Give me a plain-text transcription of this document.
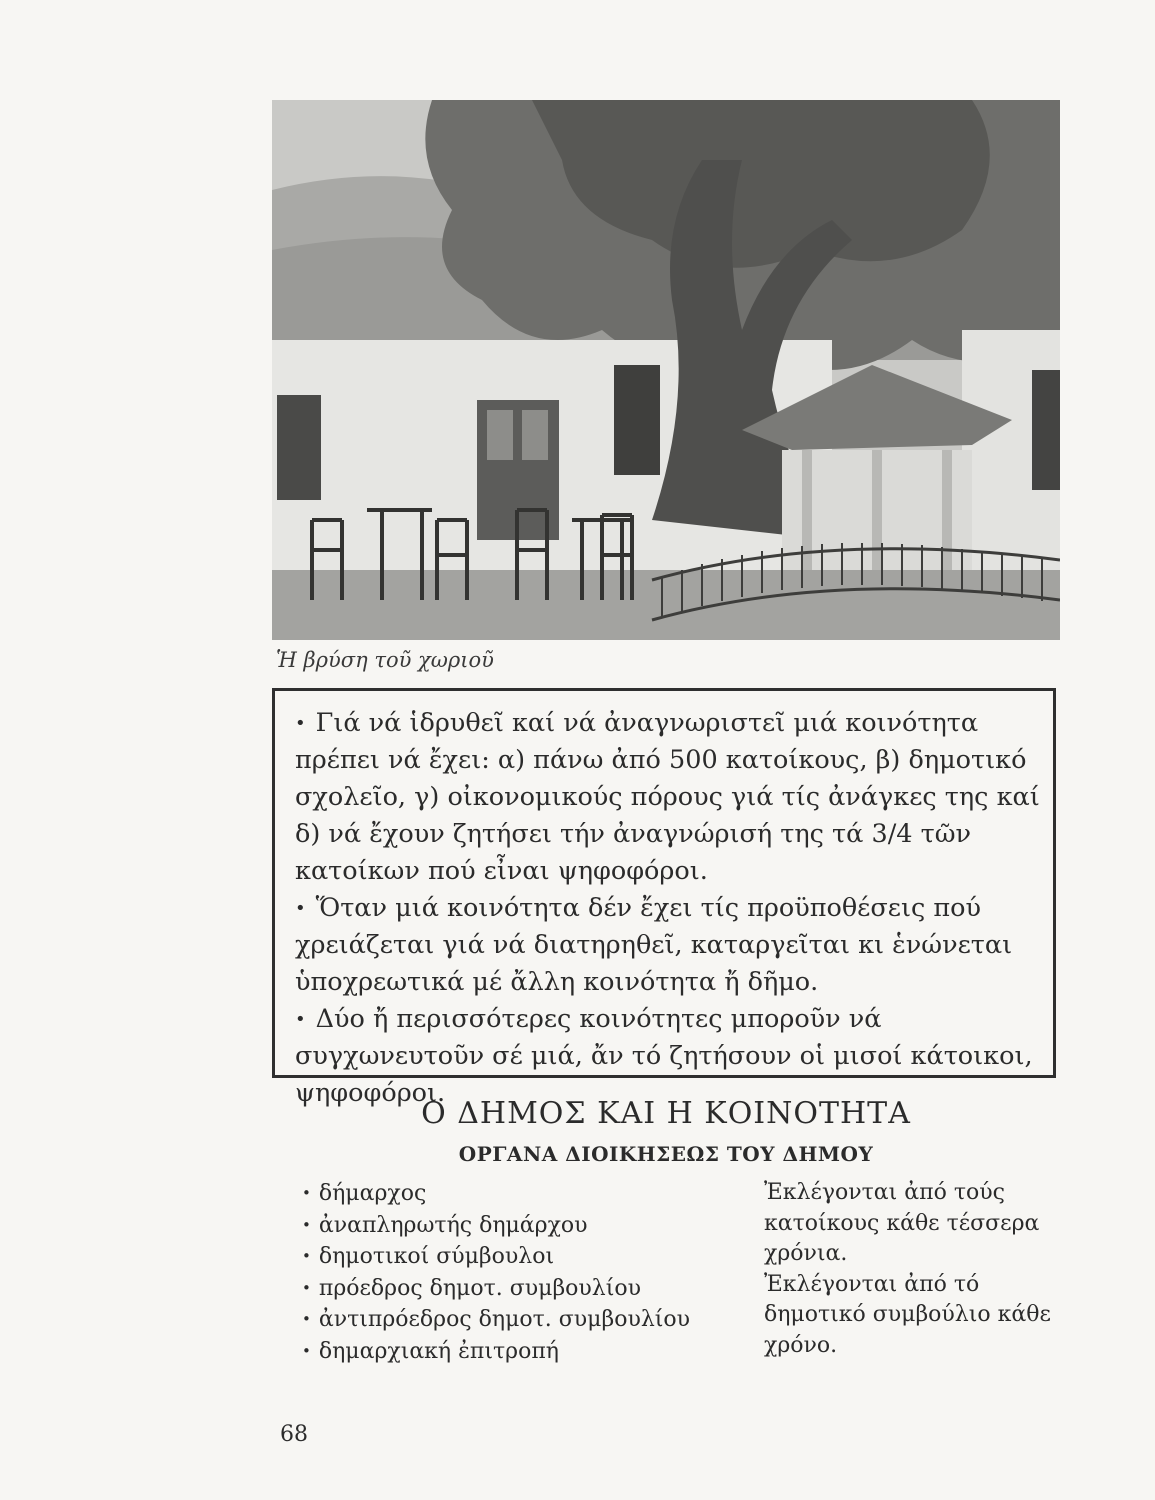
Ἡ βρύση τοῦ χωριοῦ

• Γιά νά ἱδρυθεῖ καί νά ἀναγνωριστεῖ μιά κοινότητα πρέπει νά ἔχει: α) πάνω ἀπό 500 κατοίκους, β) δημοτικό σχολεῖο, γ) οἰκονομικούς πόρους γιά τίς ἀνάγκες της καί δ) νά ἔχουν ζητήσει τήν ἀναγνώρισή της τά 3/4 τῶν κατοίκων πού εἶναι ψηφοφόροι.

• Ὅταν μιά κοινότητα δέν ἔχει τίς προϋποθέσεις πού χρειάζεται γιά νά διατηρηθεῖ, καταργεῖται κι ἑνώνεται ὑποχρεωτικά μέ ἄλλη κοινότητα ἤ δῆμο.

• Δύο ἤ περισσότερες κοινότητες μποροῦν νά συγχωνευτοῦν σέ μιά, ἄν τό ζητήσουν οἱ μισοί κάτοικοι, ψηφοφόροι.

Ο ΔΗΜΟΣ ΚΑΙ Η ΚΟΙΝΟΤΗΤΑ
ΟΡΓΑΝΑ ΔΙΟΙΚΗΣΕΩΣ ΤΟΥ ΔΗΜΟΥ
• δήμαρχος
• ἀναπληρωτής δημάρχου
• δημοτικοί σύμβουλοι
• πρόεδρος δημοτ. συμβουλίου
• ἀντιπρόεδρος δημοτ. συμβουλίου
• δημαρχιακή ἐπιτροπή

Ἐκλέγονται ἀπό τούς κατοίκους κάθε τέσσερα χρόνια.

Ἐκλέγονται ἀπό τό δημοτικό συμβούλιο κάθε χρόνο.

68
